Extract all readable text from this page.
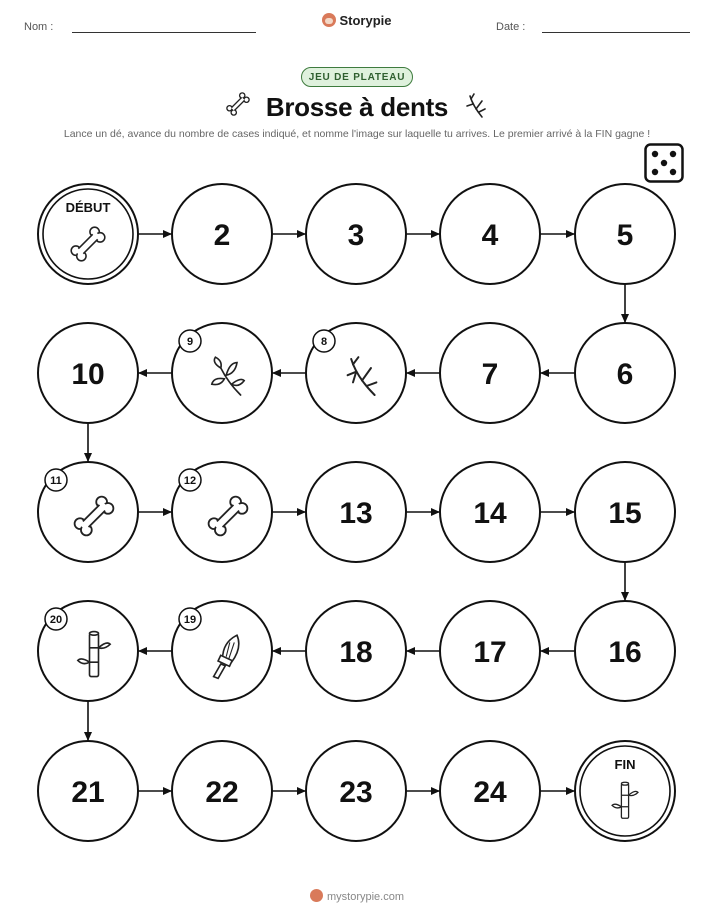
Nom :	Storypie	Date :
JEU DE PLATEAU
Brosse à dents
Lance un dé, avance du nombre de cases indiqué, et nomme l'image sur laquelle tu arrives. Le premier arrivé à la FIN gagne !
DÉBUT
2	3	4	5
6
7
8
9
10
11	12
13	14	15
16
17
18
19
20
21	22	23	24
FIN
mystorypie.com
